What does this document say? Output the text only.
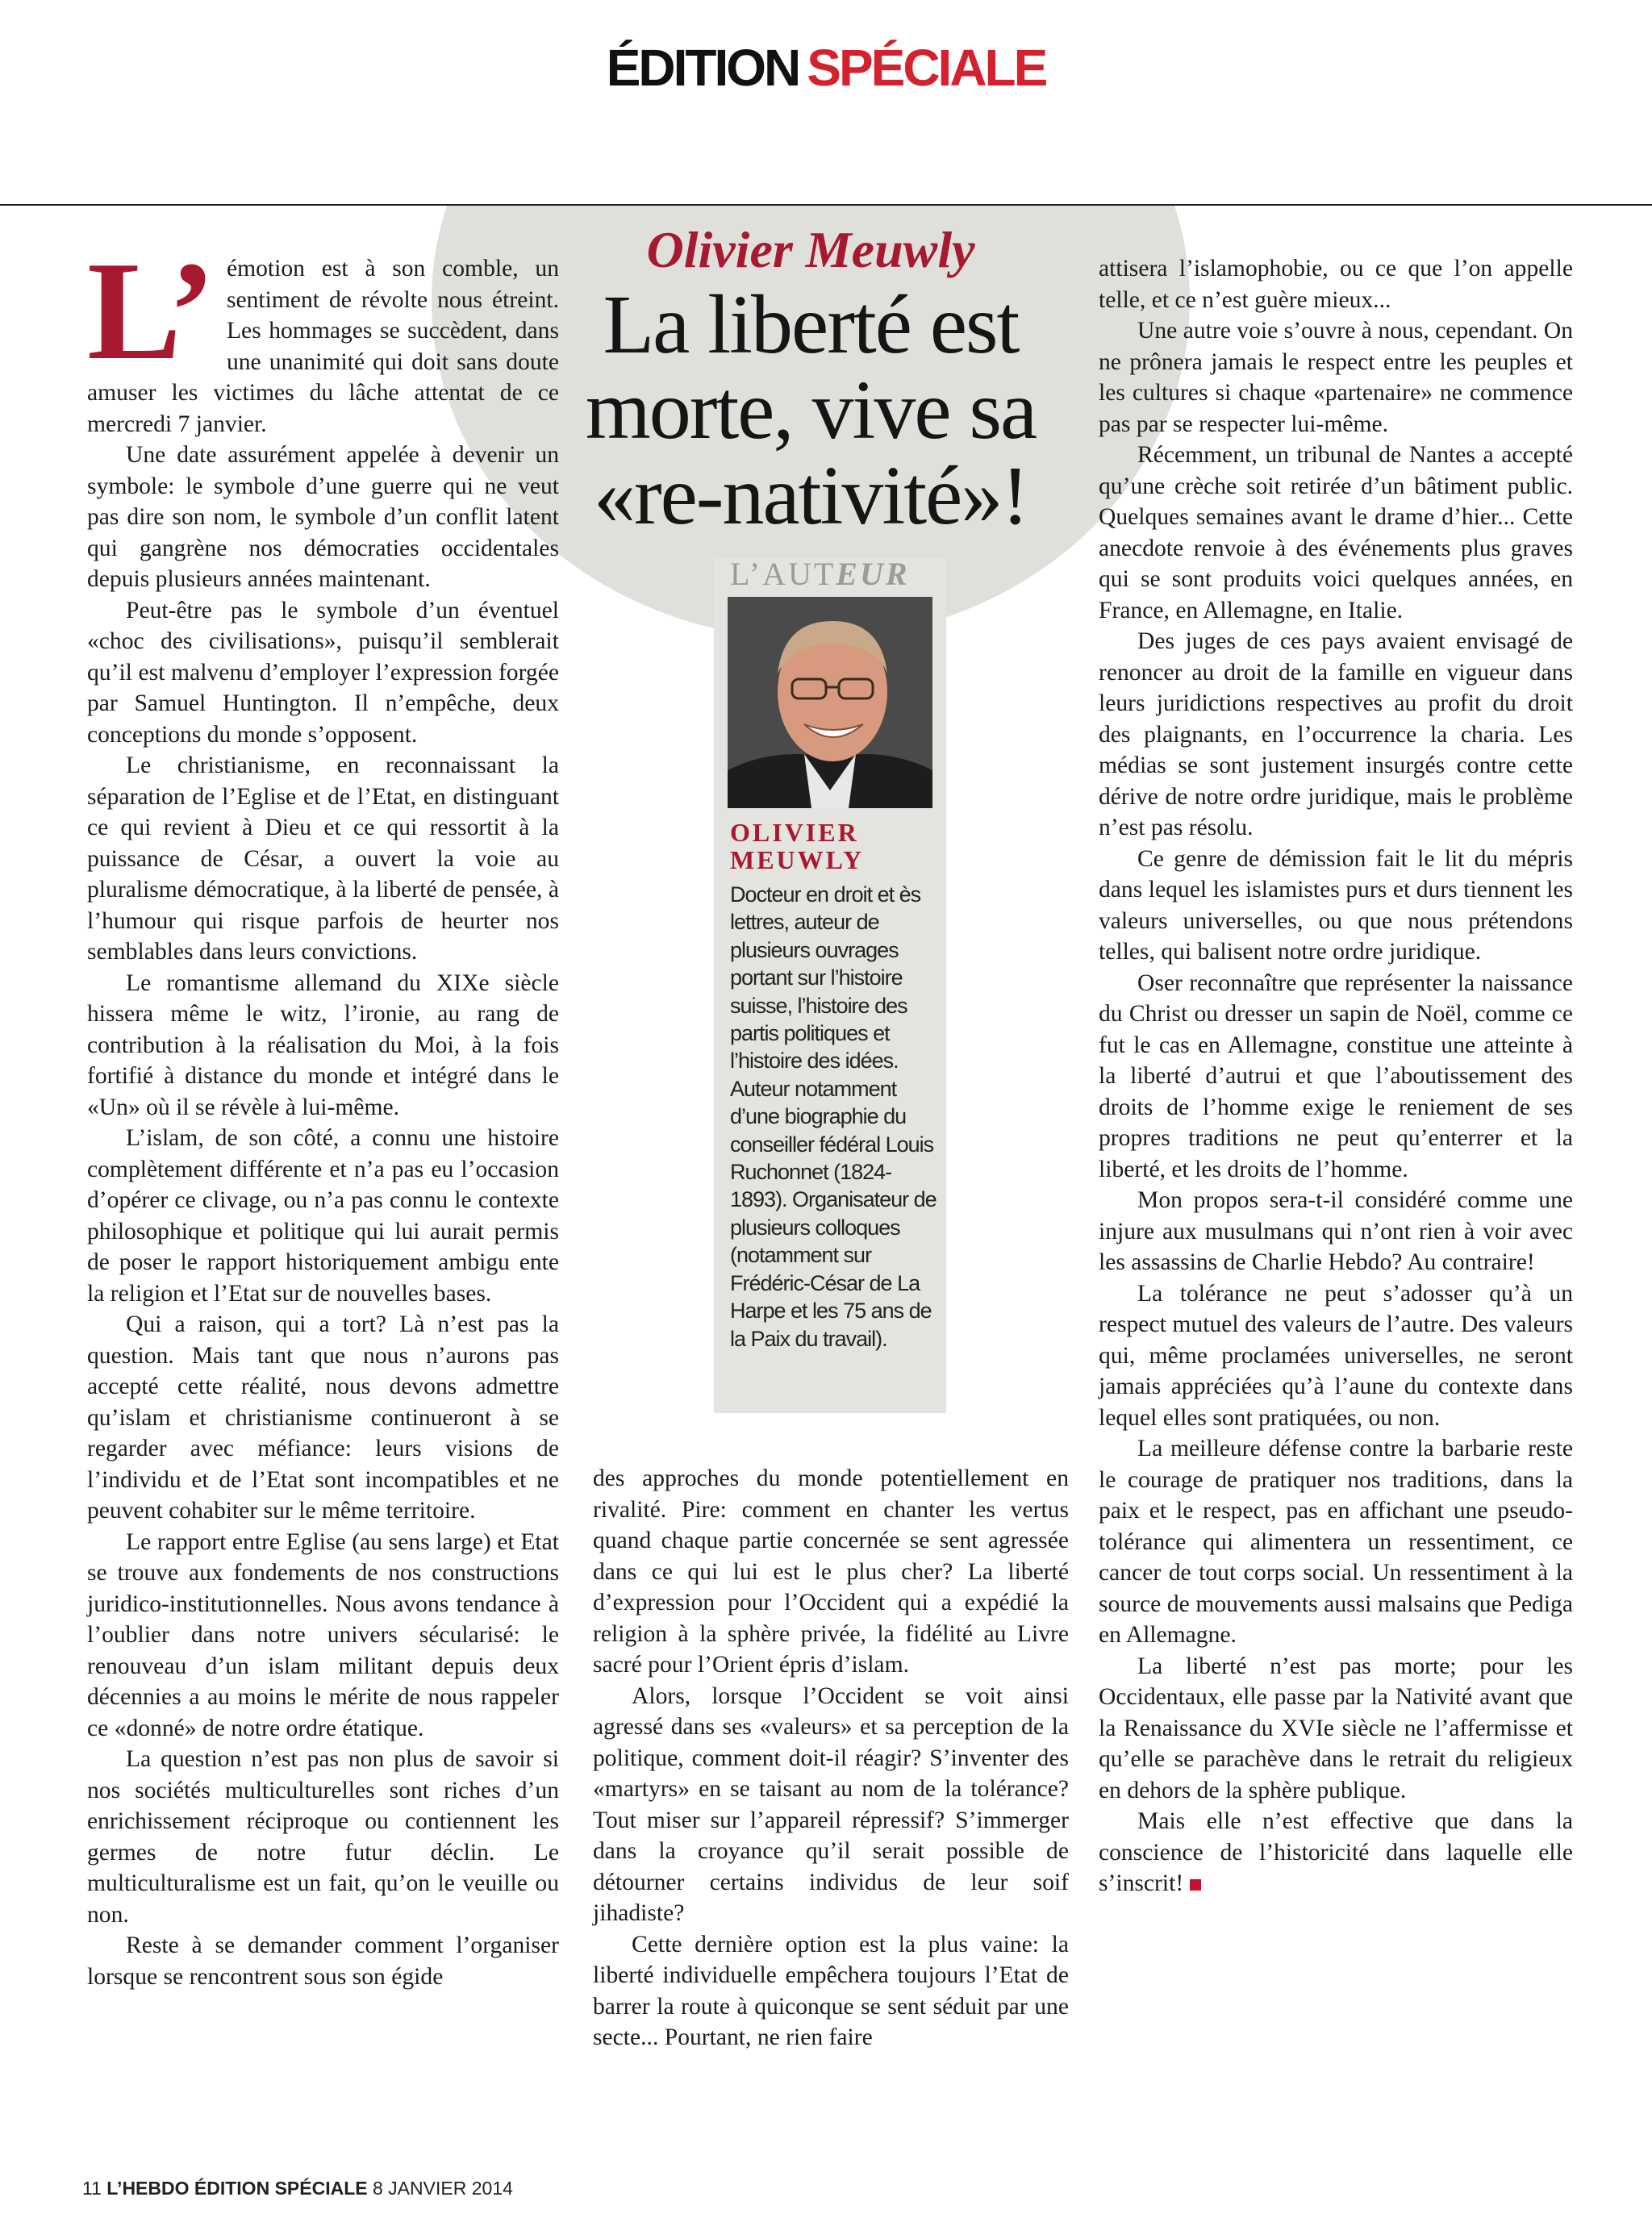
ÉDITION SPÉCIALE
Olivier Meuwly
La liberté est morte, vive sa «re-nativité»!
L’AUTEUR
OLIVIER
MEUWLY
Docteur en droit et ès lettres, auteur de plusieurs ouvrages portant sur l’histoire suisse, l’histoire des partis politiques et l’histoire des idées. Auteur notamment d’une biographie du conseiller fédéral Louis Ruchonnet (1824-1893). Organisateur de plusieurs colloques (notamment sur Frédéric-César de La Harpe et les 75 ans de la Paix du travail).
L’ émotion est à son comble, un sentiment de révolte nous étreint. Les hommages se succèdent, dans une unanimité qui doit sans doute amuser les victimes du lâche attentat de ce mercredi 7 janvier.

Une date assurément appelée à devenir un symbole: le symbole d’une guerre qui ne veut pas dire son nom, le symbole d’un conflit latent qui gangrène nos démocraties occidentales depuis plusieurs années maintenant.

Peut-être pas le symbole d’un éventuel «choc des civilisations», puisqu’il semblerait qu’il est malvenu d’employer l’expression forgée par Samuel Huntington. Il n’empêche, deux conceptions du monde s’opposent.

Le christianisme, en reconnaissant la séparation de l’Eglise et de l’Etat, en distinguant ce qui revient à Dieu et ce qui ressortit à la puissance de César, a ouvert la voie au pluralisme démocratique, à la liberté de pensée, à l’humour qui risque parfois de heurter nos semblables dans leurs convictions.

Le romantisme allemand du XIXe siècle hissera même le witz, l’ironie, au rang de contribution à la réalisation du Moi, à la fois fortifié à distance du monde et intégré dans le «Un» où il se révèle à lui-même.

L’islam, de son côté, a connu une histoire complètement différente et n’a pas eu l’occasion d’opérer ce clivage, ou n’a pas connu le contexte philosophique et politique qui lui aurait permis de poser le rapport historiquement ambigu ente la religion et l’Etat sur de nouvelles bases.

Qui a raison, qui a tort? Là n’est pas la question. Mais tant que nous n’aurons pas accepté cette réalité, nous devons admettre qu’islam et christianisme continueront à se regarder avec méfiance: leurs visions de l’individu et de l’Etat sont incompatibles et ne peuvent cohabiter sur le même territoire.

Le rapport entre Eglise (au sens large) et Etat se trouve aux fondements de nos constructions juridico-institutionnelles. Nous avons tendance à l’oublier dans notre univers sécularisé: le renouveau d’un islam militant depuis deux décennies a au moins le mérite de nous rappeler ce «donné» de notre ordre étatique.

La question n’est pas non plus de savoir si nos sociétés multiculturelles sont riches d’un enrichissement réciproque ou contiennent les germes de notre futur déclin. Le multiculturalisme est un fait, qu’on le veuille ou non.

Reste à se demander comment l’organiser lorsque se rencontrent sous son égide

des approches du monde potentiellement en rivalité. Pire: comment en chanter les vertus quand chaque partie concernée se sent agressée dans ce qui lui est le plus cher? La liberté d’expression pour l’Occident qui a expédié la religion à la sphère privée, la fidélité au Livre sacré pour l’Orient épris d’islam.

Alors, lorsque l’Occident se voit ainsi agressé dans ses «valeurs» et sa perception de la politique, comment doit-il réagir? S’inventer des «martyrs» en se taisant au nom de la tolérance? Tout miser sur l’appareil répressif? S’immerger dans la croyance qu’il serait possible de détourner certains individus de leur soif jihadiste?

Cette dernière option est la plus vaine: la liberté individuelle empêchera toujours l’Etat de barrer la route à quiconque se sent séduit par une secte... Pourtant, ne rien faire

attisera l’islamophobie, ou ce que l’on appelle telle, et ce n’est guère mieux...

Une autre voie s’ouvre à nous, cependant. On ne prônera jamais le respect entre les peuples et les cultures si chaque «partenaire» ne commence pas par se respecter lui-même.

Récemment, un tribunal de Nantes a accepté qu’une crèche soit retirée d’un bâtiment public. Quelques semaines avant le drame d’hier... Cette anecdote renvoie à des événements plus graves qui se sont produits voici quelques années, en France, en Allemagne, en Italie.

Des juges de ces pays avaient envisagé de renoncer au droit de la famille en vigueur dans leurs juridictions respectives au profit du droit des plaignants, en l’occurrence la charia. Les médias se sont justement insurgés contre cette dérive de notre ordre juridique, mais le problème n’est pas résolu.

Ce genre de démission fait le lit du mépris dans lequel les islamistes purs et durs tiennent les valeurs universelles, ou que nous prétendons telles, qui balisent notre ordre juridique.

Oser reconnaître que représenter la naissance du Christ ou dresser un sapin de Noël, comme ce fut le cas en Allemagne, constitue une atteinte à la liberté d’autrui et que l’aboutissement des droits de l’homme exige le reniement de ses propres traditions ne peut qu’enterrer et la liberté, et les droits de l’homme.

Mon propos sera-t-il considéré comme une injure aux musulmans qui n’ont rien à voir avec les assassins de Charlie Hebdo? Au contraire!

La tolérance ne peut s’adosser qu’à un respect mutuel des valeurs de l’autre. Des valeurs qui, même proclamées universelles, ne seront jamais appréciées qu’à l’aune du contexte dans lequel elles sont pratiquées, ou non.

La meilleure défense contre la barbarie reste le courage de pratiquer nos traditions, dans la paix et le respect, pas en affichant une pseudo-tolérance qui alimentera un ressentiment, ce cancer de tout corps social. Un ressentiment à la source de mouvements aussi malsains que Pediga en Allemagne.

La liberté n’est pas morte; pour les Occidentaux, elle passe par la Nativité avant que la Renaissance du XVIe siècle ne l’affermisse et qu’elle se parachève dans le retrait du religieux en dehors de la sphère publique.

Mais elle n’est effective que dans la conscience de l’historicité dans laquelle elle s’inscrit!

11 L’HEBDO ÉDITION SPÉCIALE 8 JANVIER 2014
